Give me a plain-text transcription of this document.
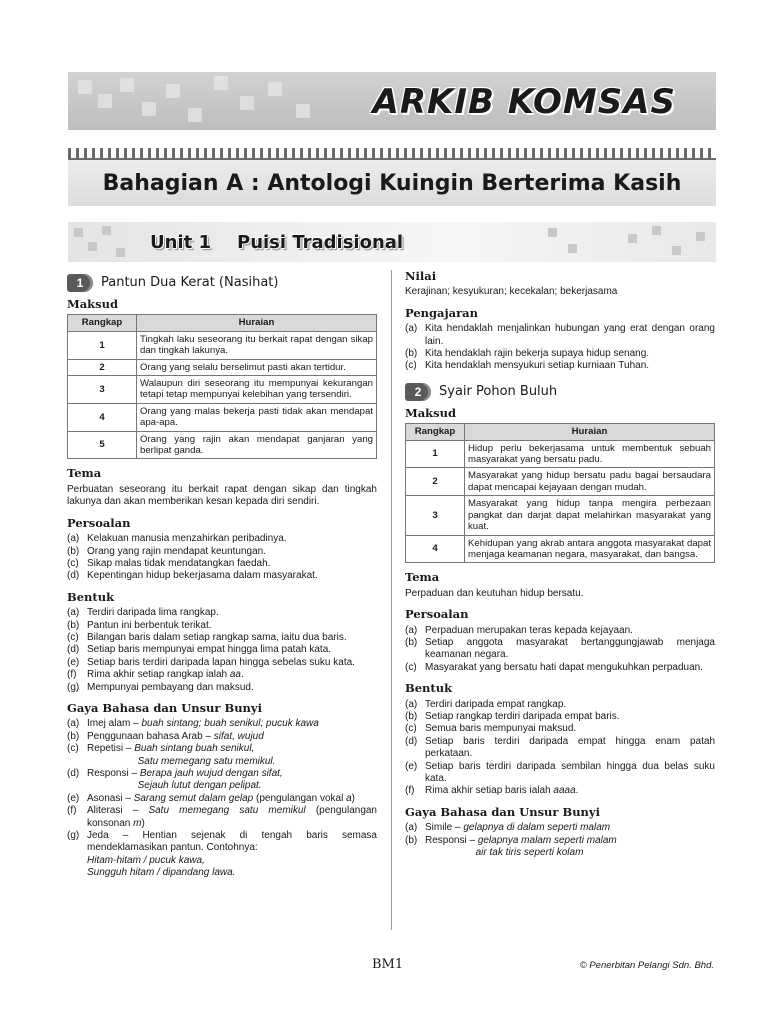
ARKIB KOMSAS
Bahagian A : Antologi Kuingin Berterima Kasih
Unit 1 Puisi Tradisional
1	Pantun Dua Kerat (Nasihat)
Maksud
Rangkap	Huraian
1	Tingkah laku seseorang itu berkait rapat dengan sikap dan tingkah lakunya.
2	Orang yang selalu berselimut pasti akan tertidur.
3	Walaupun diri seseorang itu mempunyai kekurangan tetapi tetap mempunyai kelebihan yang tersendiri.
4	Orang yang malas bekerja pasti tidak akan mendapat apa-apa.
5	Orang yang rajin akan mendapat ganjaran yang berlipat ganda.
Tema

Perbuatan seseorang itu berkait rapat dengan sikap dan tingkah lakunya dan akan memberikan kesan kepada diri sendiri.

Persoalan
(a) Kelakuan manusia menzahirkan peribadinya.
(b) Orang yang rajin mendapat keuntungan.
(c) Sikap malas tidak mendatangkan faedah.
(d) Kepentingan hidup bekerjasama dalam masyarakat.
Bentuk
(a) Terdiri daripada lima rangkap.
(b) Pantun ini berbentuk terikat.
(c) Bilangan baris dalam setiap rangkap sama, iaitu dua baris.
(d) Setiap baris mempunyai empat hingga lima patah kata.
(e) Setiap baris terdiri daripada lapan hingga sebelas suku kata.
(f)	Rima akhir setiap rangkap ialah aa.
(g) Mempunyai pembayang dan maksud.
Gaya Bahasa dan Unsur Bunyi
(a) Imej alam – buah sintang; buah senikul; pucuk kawa
(b) Penggunaan bahasa Arab – sifat, wujud
(c) Repetisi – Buah sintang buah senikul,
Satu memegang satu memikul.
(d) Responsi – Berapa jauh wujud dengan sifat,
Sejauh lutut dengan pelipat.
(e) Asonasi – Sarang semut dalam gelap (pengulangan vokal a)
(f)	Aliterasi – Satu memegang satu memikul (pengulangan konsonan m)
(g) Jeda – Hentian sejenak di tengah baris semasa mendeklamasikan pantun. Contohnya:
Hitam-hitam / pucuk kawa,
Sungguh hitam / dipandang lawa.
Nilai

Kerajinan; kesyukuran; kecekalan; bekerjasama

Pengajaran
(a) Kita hendaklah menjalinkan hubungan yang erat dengan orang lain.
(b) Kita hendaklah rajin bekerja supaya hidup senang.
(c) Kita hendaklah mensyukuri setiap kurniaan Tuhan.
2	Syair Pohon Buluh
Maksud
Rangkap	Huraian
1	Hidup perlu bekerjasama untuk membentuk sebuah masyarakat yang bersatu padu.
2	Masyarakat yang hidup bersatu padu bagai bersaudara dapat mencapai kejayaan dengan mudah.
3	Masyarakat yang hidup tanpa mengira perbezaan pangkat dan darjat dapat melahirkan masyarakat yang kuat.
4	Kehidupan yang akrab antara anggota masyarakat dapat menjaga keamanan negara, masyarakat, dan bangsa.
Tema

Perpaduan dan keutuhan hidup bersatu.

Persoalan
(a) Perpaduan merupakan teras kepada kejayaan.
(b) Setiap anggota masyarakat bertanggungjawab menjaga keamanan negara.
(c) Masyarakat yang bersatu hati dapat mengukuhkan perpaduan.
Bentuk
(a) Terdiri daripada empat rangkap.
(b) Setiap rangkap terdiri daripada empat baris.
(c) Semua baris mempunyai maksud.
(d) Setiap baris terdiri daripada empat hingga enam patah perkataan.
(e) Setiap baris terdiri daripada sembilan hingga dua belas suku kata.
(f)	Rima akhir setiap baris ialah aaaa.
Gaya Bahasa dan Unsur Bunyi
(a) Simile – gelapnya di dalam seperti malam
(b) Responsi – gelapnya malam seperti malam
air tak tiris seperti kolam
BM1	© Penerbitan Pelangi Sdn. Bhd.
